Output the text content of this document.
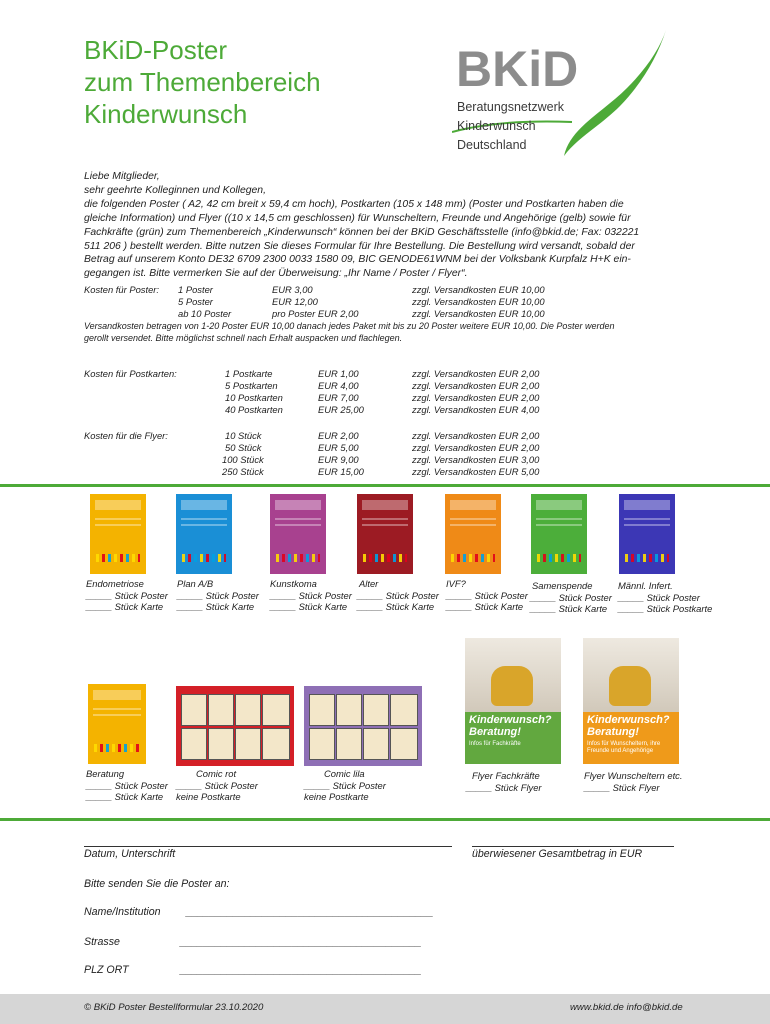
BKiD-Poster
zum Themenbereich
Kinderwunsch
BKiD
Beratungsnetzwerk
Kinderwunsch
Deutschland
Liebe Mitglieder,
sehr geehrte Kolleginnen und Kollegen,
die folgenden Poster ( A2, 42 cm breit x 59,4 cm hoch), Postkarten (105 x 148 mm) (Poster und Postkarten haben die
gleiche Information) und Flyer ((10 x 14,5 cm geschlossen) für Wunscheltern, Freunde und Angehörige (gelb) sowie für
Fachkräfte (grün) zum Themenbereich „Kinderwunsch“ können bei der BKiD Geschäftsstelle (info@bkid.de; Fax: 032221
511 206 ) bestellt werden. Bitte nutzen Sie dieses Formular für Ihre Bestellung. Die Bestellung wird versandt, sobald der
Betrag auf unserem Konto DE32 6709 2300 0033 1580 09, BIC GENODE61WNM bei der Volksbank Kurpfalz H+K ein-
gegangen ist. Bitte vermerken Sie auf der Überweisung: „Ihr Name / Poster / Flyer“.
Kosten für Poster: 1 Poster	EUR 3,00	zzgl. Versandkosten EUR 10,00
5 Poster	EUR 12,00	zzgl. Versandkosten EUR 10,00
ab 10 Poster	pro Poster EUR 2,00	zzgl. Versandkosten EUR 10,00
Versandkosten betragen von 1-20 Poster EUR 10,00 danach jedes Paket mit bis zu 20 Poster weitere EUR 10,00. Die Poster werden
gerollt versendet. Bitte möglichst schnell nach Erhalt auspacken und flachlegen.
Kosten für Postkarten:	1 Postkarte	EUR 1,00	zzgl. Versandkosten EUR 2,00
5 Postkarten	EUR 4,00	zzgl. Versandkosten EUR 2,00
10 Postkarten	EUR 7,00	zzgl. Versandkosten EUR 2,00
40 Postkarten	EUR 25,00	zzgl. Versandkosten EUR 4,00
Kosten für die Flyer:	10 Stück	EUR 2,00	zzgl. Versandkosten EUR 2,00
50 Stück	EUR 5,00	zzgl. Versandkosten EUR 2,00
100 Stück	EUR 9,00	zzgl. Versandkosten EUR 3,00
250 Stück	EUR 15,00	zzgl. Versandkosten EUR 5,00
Endometriose
_____ Stück Poster
_____ Stück Karte
Plan A/B
_____ Stück Poster
_____ Stück Karte
Kunstkoma
_____ Stück Poster
_____ Stück Karte
Alter
_____ Stück Poster
_____ Stück Karte
IVF?
_____ Stück Poster
_____ Stück Karte
Samenspende
_____ Stück Poster
_____ Stück Karte
Männl. Infert.
_____ Stück Poster
_____ Stück Postkarte
Kinderwunsch? Beratung!
Infos für Fachkräfte
Kinderwunsch? Beratung!
Infos für Wunscheltern, ihre Freunde und Angehörige
Beratung
_____ Stück Poster
_____ Stück Karte
Comic rot
_____ Stück Poster
keine Postkarte
Comic lila
_____ Stück Poster
keine Postkarte
Flyer Fachkräfte
_____ Stück Flyer
Flyer Wunscheltern etc.
_____ Stück Flyer
Datum, Unterschrift	überwiesener Gesamtbetrag in EUR
Bitte senden Sie die Poster an:
Name/Institution __________________________________________
Strasse	_________________________________________
PLZ ORT	_________________________________________
© BKiD Poster Bestellformular 23.10.2020	www.bkid.de info@bkid.de
